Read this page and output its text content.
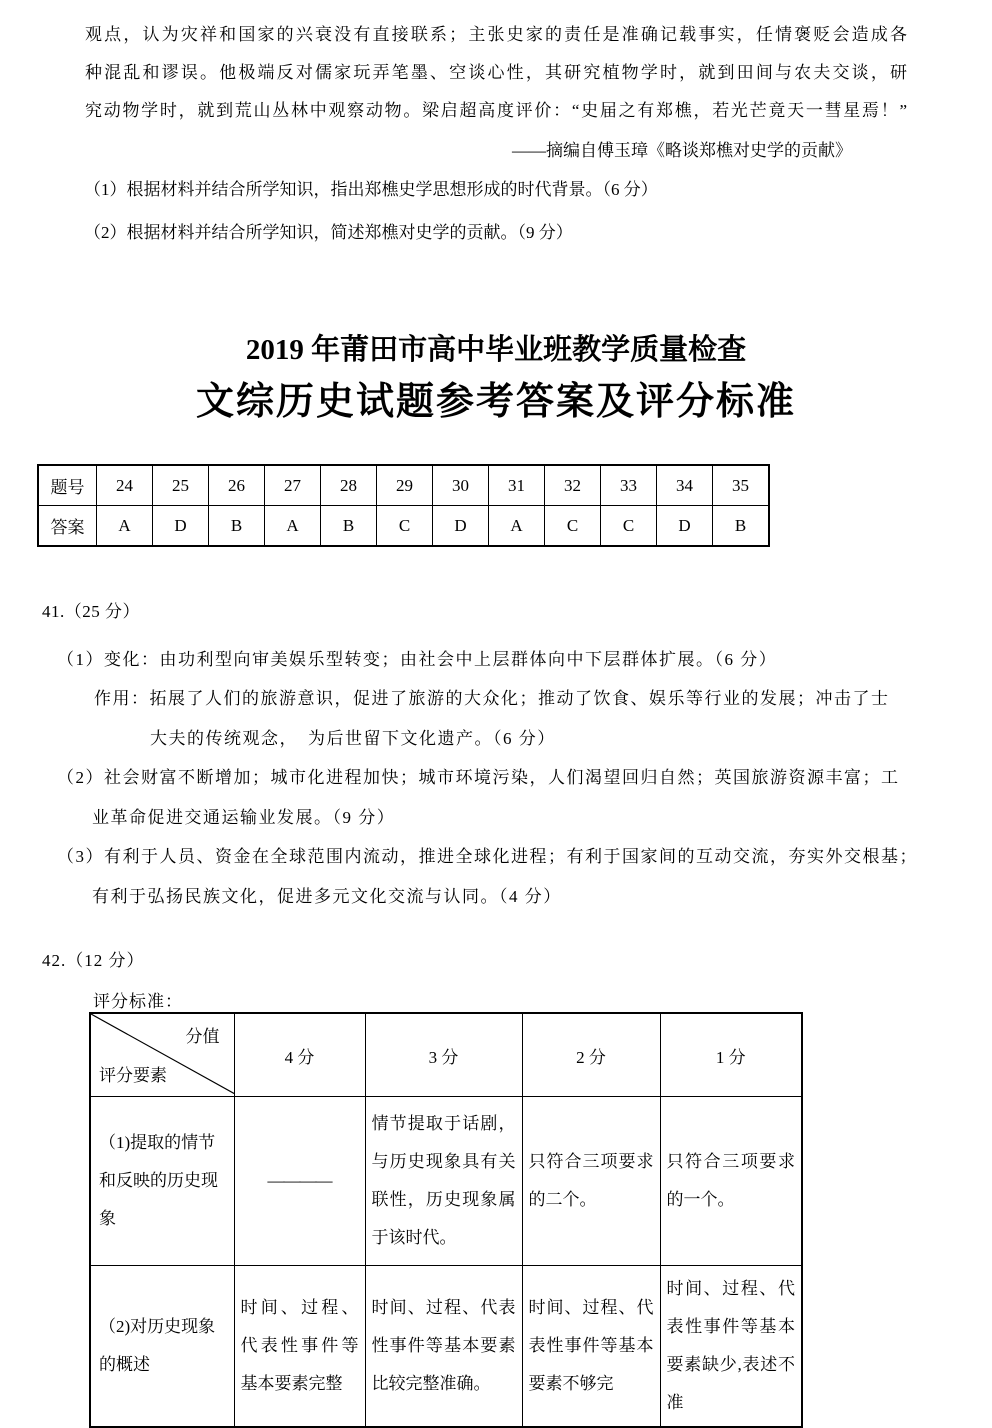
观点，认为灾祥和国家的兴衰没有直接联系；主张史家的责任是准确记载事实，任情褒贬会造成各
种混乱和谬误。他极端反对儒家玩弄笔墨、空谈心性，其研究植物学时，就到田间与农夫交谈，研
究动物学时，就到荒山丛林中观察动物。梁启超高度评价：“史届之有郑樵，若光芒竟天一彗星焉！”
——摘编自傅玉璋《略谈郑樵对史学的贡献》
（1）根据材料并结合所学知识，指出郑樵史学思想形成的时代背景。（6 分）
（2）根据材料并结合所学知识，简述郑樵对史学的贡献。（9 分）
2019 年莆田市高中毕业班教学质量检查
文综历史试题参考答案及评分标准
题号	24	25	26	27	28	29	30	31	32	33	34	35
答案	A	D	B	A	B	C	D	A	C	C	D	B
41.（25 分）
（1）变化：由功利型向审美娱乐型转变；由社会中上层群体向中下层群体扩展。（6 分）
作用：拓展了人们的旅游意识，促进了旅游的大众化；推动了饮食、娱乐等行业的发展；冲击了士
大夫的传统观念，　为后世留下文化遗产。（6 分）
（2）社会财富不断增加；城市化进程加快；城市环境污染，人们渴望回归自然；英国旅游资源丰富；工
业革命促进交通运输业发展。（9 分）
（3）有利于人员、资金在全球范围内流动，推进全球化进程；有利于国家间的互动交流，夯实外交根基；
有利于弘扬民族文化，促进多元文化交流与认同。（4 分）
42.（12 分）
评分标准：
分值
评分要素	4 分	3 分	2 分	1 分
（1)提取的情节和反映的历史现象	————	情节提取于话剧，与历史现象具有关联性，历史现象属于该时代。	只符合三项要求的二个。	只符合三项要求的一个。
（2)对历史现象的概述	时间、过程、代表性事件等基本要素完整	时间、过程、代表性事件等基本要素比较完整准确。	时间、过程、代表性事件等基本要素不够完	时间、过程、代表性事件等基本要素缺少,表述不准
